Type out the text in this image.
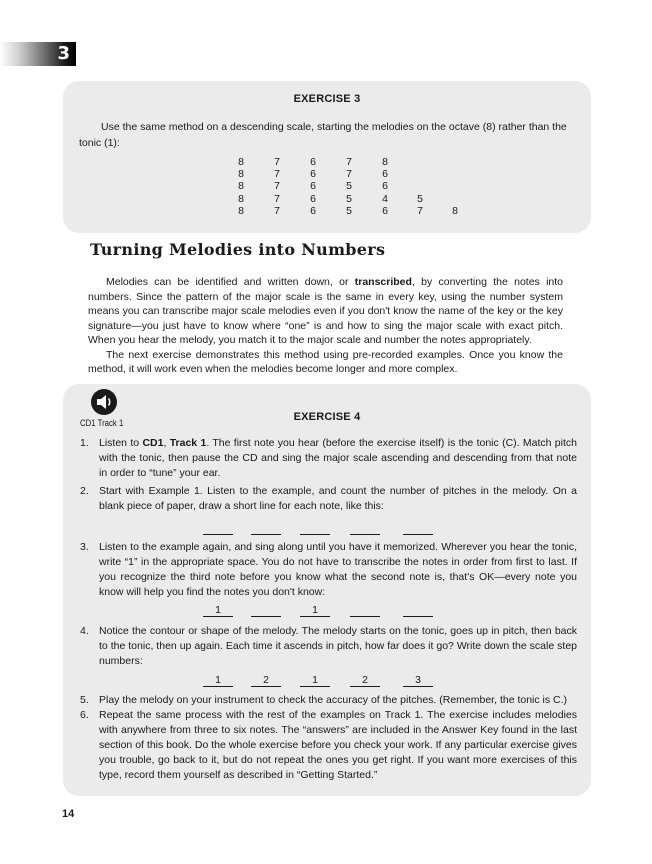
3
EXERCISE 3
Use the same method on a descending scale, starting the melodies on the octave (8) rather than the tonic (1):
8	7	6	7	8
8	7	6	7	6
8	7	6	5	6
8	7	6	5	4	5
8	7	6	5	6	7	8
Turning Melodies into Numbers

Melodies can be identified and written down, or transcribed, by converting the notes into numbers. Since the pattern of the major scale is the same in every key, using the number system means you can transcribe major scale melodies even if you don't know the name of the key or the key signature—you just have to know where “one” is and how to sing the major scale with exact pitch. When you hear the melody, you match it to the major scale and number the notes appropriately.

The next exercise demonstrates this method using pre-recorded examples. Once you know the method, it will work even when the melodies become longer and more complex.

CD1 Track 1
EXERCISE 4
1. Listen to CD1, Track 1. The first note you hear (before the exercise itself) is the tonic (C). Match pitch with the tonic, then pause the CD and sing the major scale ascending and descending from that note in order to “tune” your ear.
2. Start with Example 1. Listen to the example, and count the number of pitches in the melody. On a blank piece of paper, draw a short line for each note, like this:
3. Listen to the example again, and sing along until you have it memorized. Wherever you hear the tonic, write “1” in the appropriate space. You do not have to transcribe the notes in order from first to last. If you recognize the third note before you know what the second note is, that's OK—every note you know will help you find the notes you don't know:
1	1
4. Notice the contour or shape of the melody. The melody starts on the tonic, goes up in pitch, then back to the tonic, then up again. Each time it ascends in pitch, how far does it go? Write down the scale step numbers:
1	2	1	2	3
5. Play the melody on your instrument to check the accuracy of the pitches. (Remember, the tonic is C.)
6. Repeat the same process with the rest of the examples on Track 1. The exercise includes melodies with anywhere from three to six notes. The “answers” are included in the Answer Key found in the last section of this book. Do the whole exercise before you check your work. If any particular exercise gives you trouble, go back to it, but do not repeat the ones you get right. If you want more exercises of this type, record them yourself as described in “Getting Started.”
14
